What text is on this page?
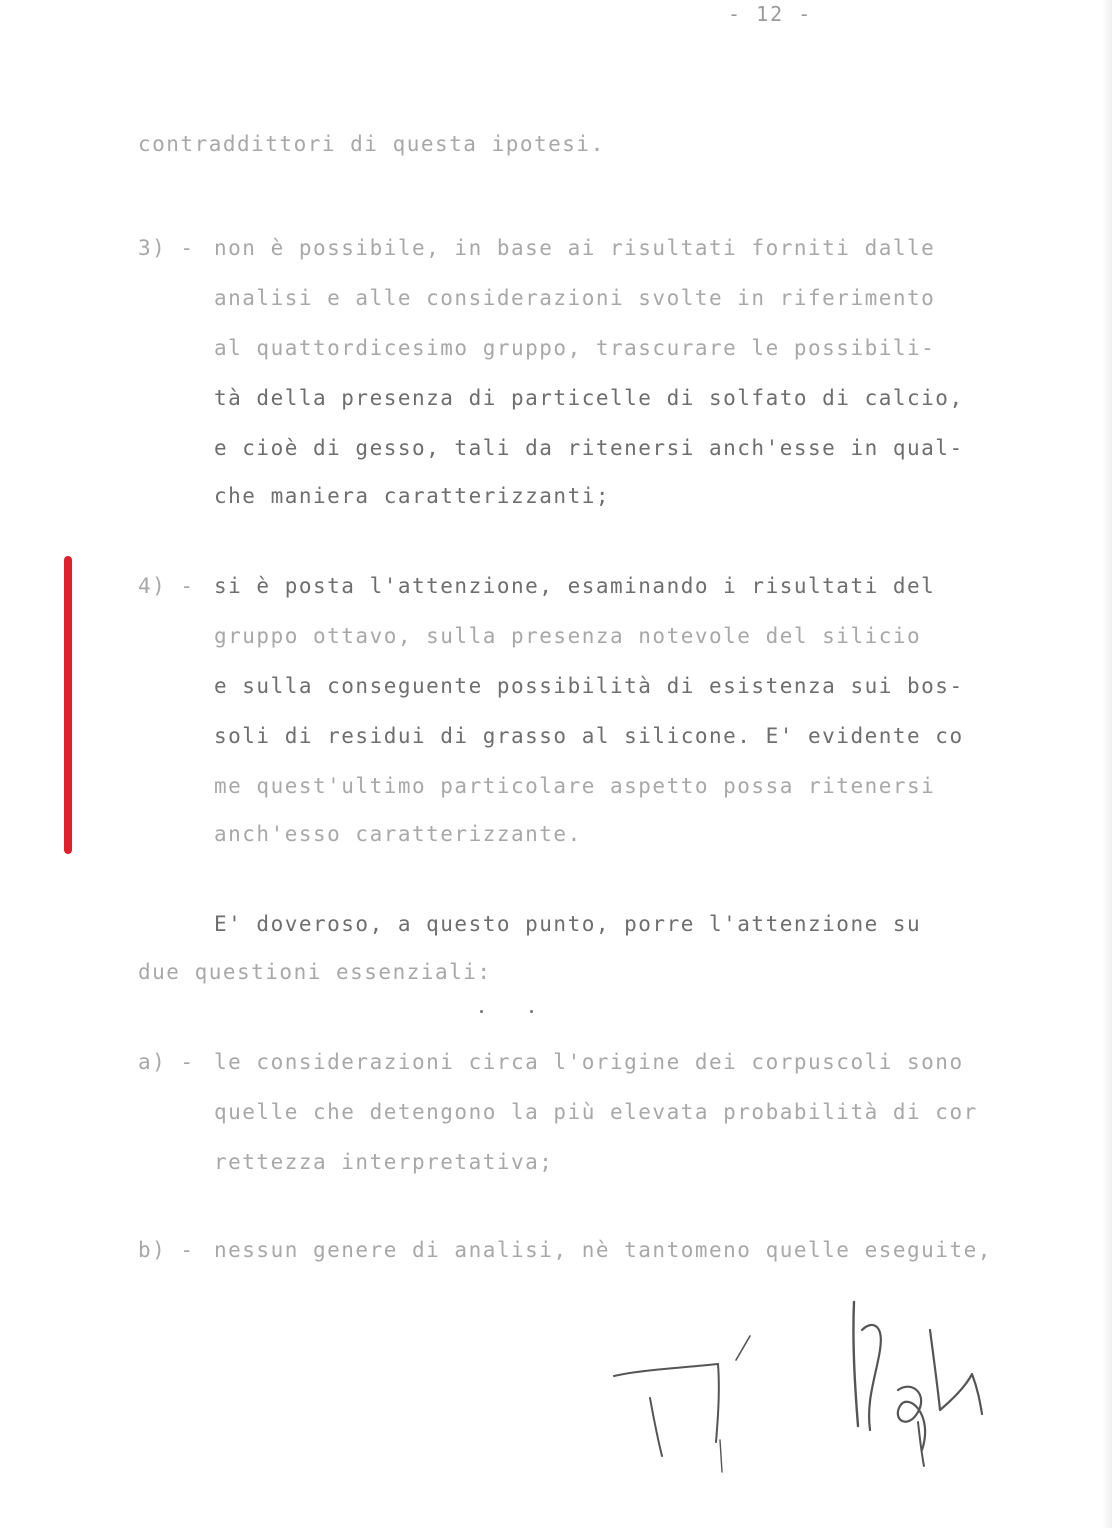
- 12 -
contraddittori di questa ipotesi.
3) - non è possibile, in base ai risultati forniti dalle
analisi e alle considerazioni svolte in riferimento
al quattordicesimo gruppo, trascurare le possibili-
tà della presenza di particelle di solfato di calcio,
e cioè di gesso, tali da ritenersi anch'esse in qual-
che maniera caratterizzanti;
4) - si è posta l'attenzione, esaminando i risultati del
gruppo ottavo, sulla presenza notevole del silicio
e sulla conseguente possibilità di esistenza sui bos-
soli di residui di grasso al silicone. E' evidente co
me quest'ultimo particolare aspetto possa ritenersi
anch'esso caratterizzante.
E' doveroso, a questo punto, porre l'attenzione su
due questioni essenziali:
a) - le considerazioni circa l'origine dei corpuscoli sono
quelle che detengono la più elevata probabilità di cor
rettezza interpretativa;
b) - nessun genere di analisi, nè tantomeno quelle eseguite,
